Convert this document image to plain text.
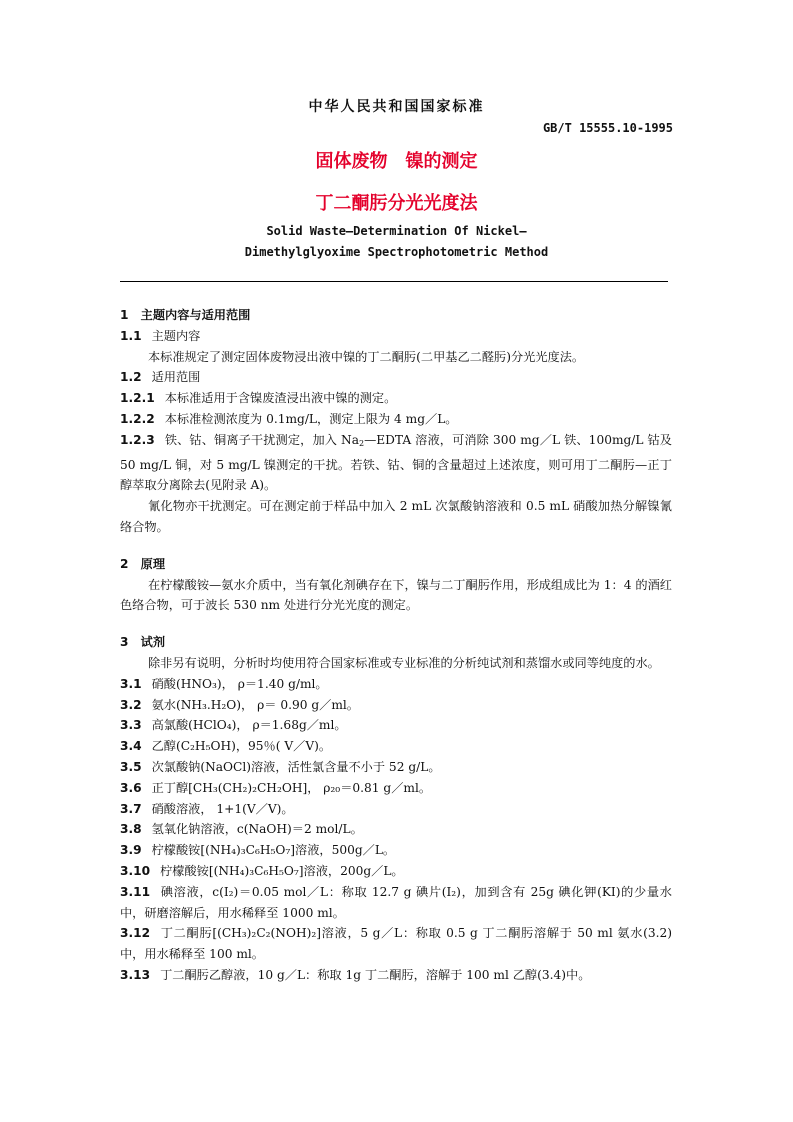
中华人民共和国国家标准
GB/T 15555.10-1995
固体废物　镍的测定
丁二酮肟分光光度法
Solid Waste—Determination Of Nickel—
Dimethylglyoxime Spectrophotometric Method

1　主题内容与适用范围

1.1 主题内容

本标准规定了测定固体废物浸出液中镍的丁二酮肟(二甲基乙二醛肟)分光光度法。

1.2 适用范围

1.2.1 本标准适用于含镍废渣浸出液中镍的测定。

1.2.2 本标准检测浓度为 0.1mg/L，测定上限为 4 mg／L。

1.2.3 铁、钴、铜离子干扰测定，加入 $Na_2—EDTA$ 溶液，可消除 300 mg／L 铁、100mg/L 钴及 50 mg/L 铜，对 5 mg/L 镍测定的干扰。若铁、钴、铜的含量超过上述浓度，则可用丁二酮肟—正丁醇萃取分离除去(见附录 A)。

氰化物亦干扰测定。可在测定前于样品中加入 2 mL 次氯酸钠溶液和 0.5 mL 硝酸加热分解镍氰络合物。

2　原理

在柠檬酸铵—氨水介质中，当有氧化剂碘存在下，镍与二丁酮肟作用，形成组成比为 1：4 的酒红色络合物，可于波长 530 nm 处进行分光光度的测定。

3　试剂

除非另有说明，分析时均使用符合国家标准或专业标准的分析纯试剂和蒸馏水或同等纯度的水。

3.1 硝酸(HNO₃)， ρ＝1.40 g/ml。

3.2 氨水(NH₃.H₂O)， ρ＝ 0.90 g／ml。

3.3 高氯酸(HClO₄)， ρ＝1.68g／ml。

3.4 乙醇(C₂H₅OH)，95％( V／V)。

3.5 次氯酸钠(NaOCl)溶液，活性氯含量不小于 52 g/L。

3.6 正丁醇[CH₃(CH₂)₂CH₂OH]， ρ₂₀＝0.81 g／ml。

3.7 硝酸溶液， 1+1(V／V)。

3.8 氢氧化钠溶液，c(NaOH)＝2 mol/L。

3.9 柠檬酸铵[(NH₄)₃C₆H₅O₇]溶液，500g／L。

3.10 柠檬酸铵[(NH₄)₃C₆H₅O₇]溶液，200g／L。

3.11 碘溶液，c(I₂)＝0.05 mol／L：称取 12.7 g 碘片(I₂)，加到含有 25g 碘化钾(KI)的少量水中，研磨溶解后，用水稀释至 1000 ml。

3.12 丁二酮肟[(CH₃)₂C₂(NOH)₂]溶液，5 g／L：称取 0.5 g 丁二酮肟溶解于 50 ml 氨水(3.2)中，用水稀释至 100 ml。

3.13 丁二酮肟乙醇液，10 g／L：称取 1g 丁二酮肟，溶解于 100 ml 乙醇(3.4)中。
